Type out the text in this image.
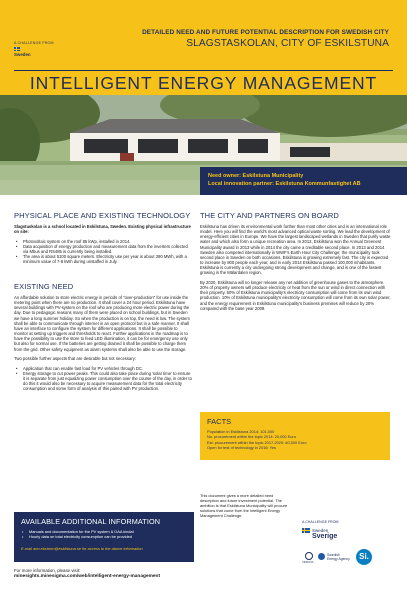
A CHALLENGE FROM
Sweden
DETAILED NEED AND FUTURE POTENTIAL DESCRIPTION FOR SWEDISH CITY
SLAGSTASKOLAN, CITY OF ESKILSTUNA
INTELLIGENT ENERGY MANAGEMENT
Need owner: Eskilstuna Municipality
Local innovation partner: Eskilstuna Kommunfastighet AB
PHYSICAL PLACE AND EXISTING TECHNOLOGY

Slagstaskolan is a school located in Eskilstuna, Sweden. Existing physical infrastructure on site:

• Photovoltaic system on the roof 85 kWp, installed in 2014.
• Data acquisition of energy production and measurement data from the inverters collected via Mbus and RS485 is currently being installed.
• The area is about 5100 square meters. Electricity use per year is about 390 MWh, with a minimum value of 7-8 kWh during unstaffed in July.
EXISTING NEED

An affordable solution to store electric energy in periods of "over-production" for use inside the metering point when there are no production. It shall cover a 24 hour period. Eskilstuna have several buildings with PV-system on the roof who are producing more electric power during the day. Due to pedagogic reasons many of them were placed on school buildings, but in Sweden we have a long summer holiday. So when the production is on top, the need is low. The system shall be able to communicate through internet in an open protocol but in a safe manner. It shall have an interface to configure the system for different applications. It shall be possible to monitor at setting up triggers and thresholds to react. Further applications in the roadmap is to have the possibility to use the store to feed LED illumination, it can be for emergency use only but also for normal use. If the batteries are getting drained it shall be possible to charge them from the grid. Other safety equipment as alarm systems shall also be able to use the storage.

Two possible further aspects that are desirable but not necessary:

• Application that can enable fast load for PV vehicles through DC.
• Energy storage to cut power peaks. This could also take place during 'solar time' to ensure it is separate from just equalizing power consumption over the course of the day, in order to do this it would also be necessary to acquire measurement data for the total electricity consumption and some form of analysis of this paired with PV production.
AVAILABLE ADDITIONAL INFORMATION
• Manuals and documentation for the PV system & DAA kindat
• Hourly data on total electricity consumption can be provided
E-mail ann.ekstrom@eskilstuna.se for access to the above information
For more information, please visit:
minesights.minesigma.com/web/intelligent-energy-management
THE CITY AND PARTNERS ON BOARD

Eskilstuna has driven its environmental work further than most other cities and is an international role model. Here you will find the world's most advanced optical waste sorting. We lead the development of energy-efficient cities in Europe. We have the largest landscaped wetlands in Sweden that purify waste water and which also form a unique recreation area. In 2012, Eskilstuna won the Annual Greenest Municipality award in 2013 while in 2014 the city came a creditable second place. In 2013 and 2014 Sweden also competed internationally in WWF's Earth Hour City Challenge; the municipality took second place in Sweden on both occasions. Eskilstuna is growing extremely fast. The city is expected to increase by 800 people each year, and in early 2014 Eskilstuna passed 100,000 inhabitants. Eskilstuna is currently a city undergoing strong development and change, and is one of the fastest growing in the Mälardalen region.

By 2020, Eskilstuna will no longer release any net addition of greenhouse gases to the atmosphere. 20% of property owners will produce electricity or heat from the sun or wind in direct connection with their property. 50% of Eskilstuna municipality's electricity consumption will come from its own wind production. 10% of Eskilstuna municipality's electricity consumption will come from its own solar power, and the energy requirement in Eskilstuna municipality's business premises will reduce by 20% compared with the base year 2009.

FACTS
Population in Eskilstuna 2014: 101,000
No. procurement within the topic 2014: 20,000 Euro
Est. procurement within the topic 2017-2020: 60,000 Euro
Open for test of technology in 2016: Yes
This document gives a more detailed need description and future investment potential. The ambition is that Eskilstuna Municipality will procure solutions that come from the Intelligent Energy Management Challenge.
A CHALLENGE FROM
Sweden
Sverige
VINNOVA
Swedish
Energy Agency	Si.
